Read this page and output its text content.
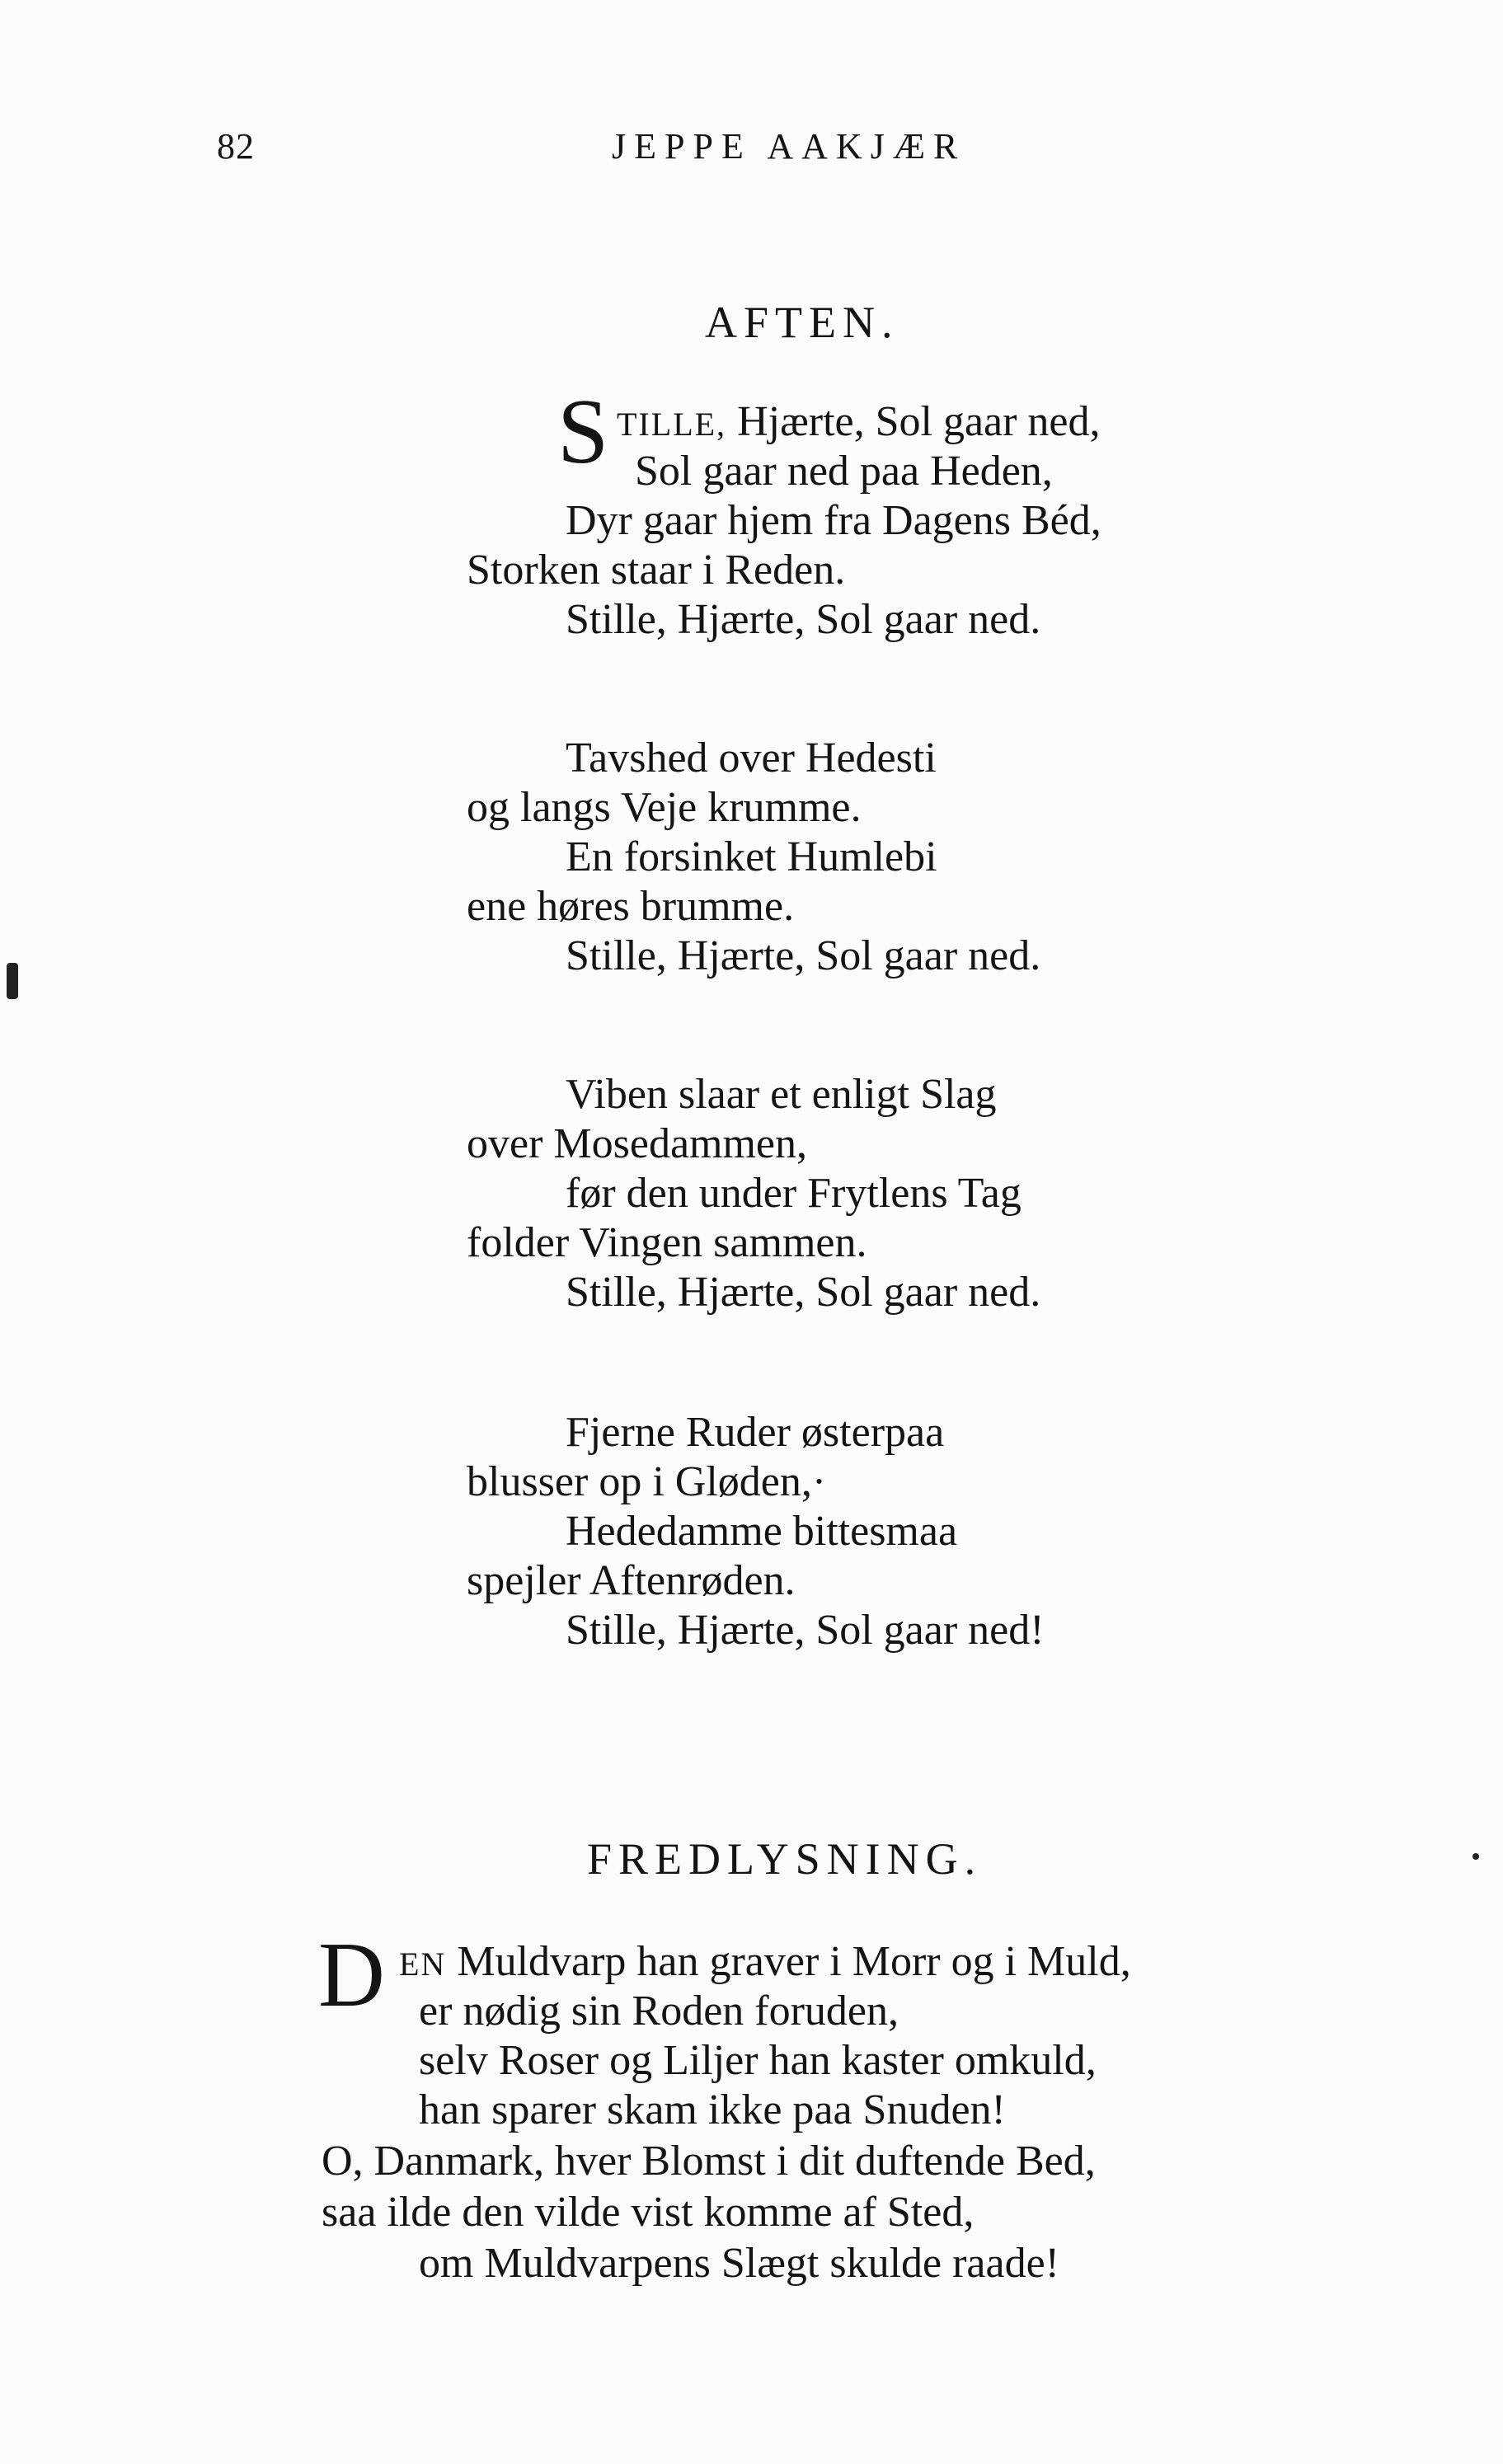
82	JEPPE AAKJÆR
AFTEN.
S TILLE, Hjærte, Sol gaar ned,
Sol gaar ned paa Heden,
Dyr gaar hjem fra Dagens Béd,
Storken staar i Reden.
Stille, Hjærte, Sol gaar ned.
Tavshed over Hedesti
og langs Veje krumme.
En forsinket Humlebi
ene høres brumme.
Stille, Hjærte, Sol gaar ned.
Viben slaar et enligt Slag
over Mosedammen,
før den under Frytlens Tag
folder Vingen sammen.
Stille, Hjærte, Sol gaar ned.
Fjerne Ruder østerpaa
blusser op i Gløden,·
Hededamme bittesmaa
spejler Aftenrøden.
Stille, Hjærte, Sol gaar ned!
FREDLYSNING.
D EN Muldvarp han graver i Morr og i Muld,
er nødig sin Roden foruden,
selv Roser og Liljer han kaster omkuld,
han sparer skam ikke paa Snuden!
O, Danmark, hver Blomst i dit duftende Bed,
saa ilde den vilde vist komme af Sted,
om Muldvarpens Slægt skulde raade!
